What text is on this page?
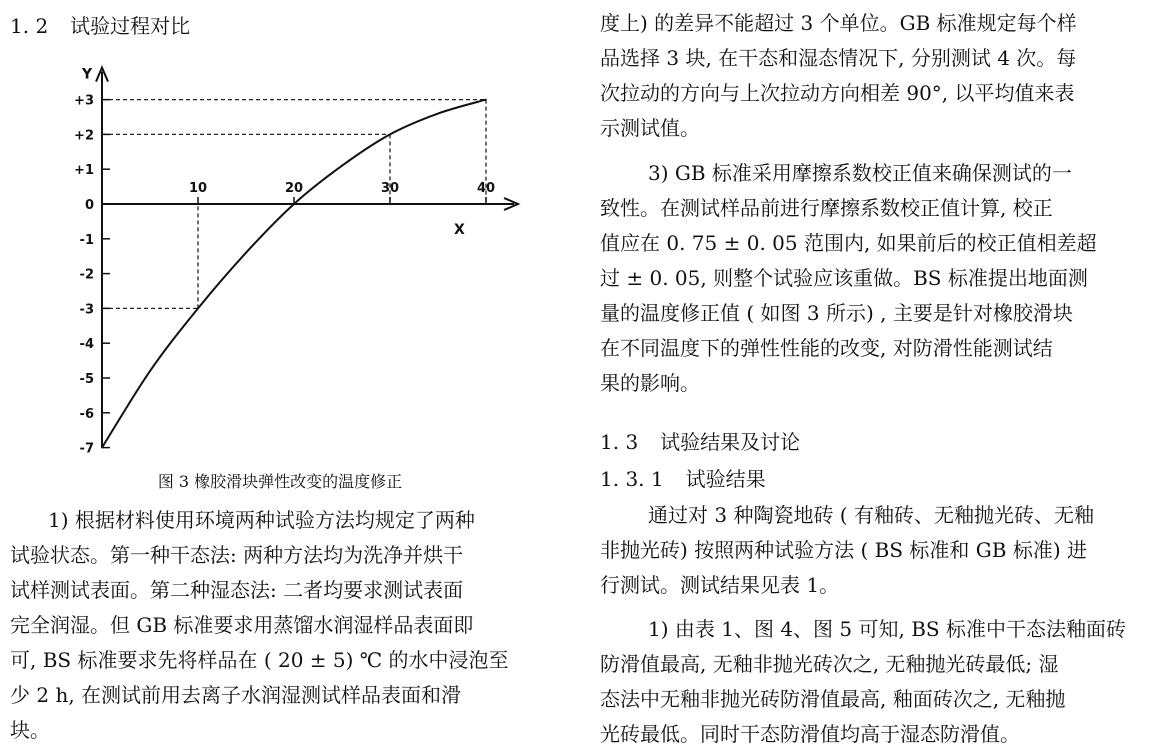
1. 2 试验过程对比
Y
X
+3
+2
+1
0
-1
-2
-3
-4
-5
-6
-7
10	20	30	40
图 3 橡胶滑块弹性改变的温度修正
1) 根据材料使用环境两种试验方法均规定了两种
试验状态。第一种干态法: 两种方法均为洗净并烘干
试样测试表面。第二种湿态法: 二者均要求测试表面
完全润湿。但 GB 标准要求用蒸馏水润湿样品表面即
可, BS 标准要求先将样品在 ( 20 ± 5) ℃ 的水中浸泡至
少 2 h, 在测试前用去离子水润湿测试样品表面和滑
块。
度上) 的差异不能超过 3 个单位。GB 标准规定每个样
品选择 3 块, 在干态和湿态情况下, 分别测试 4 次。每
次拉动的方向与上次拉动方向相差 90°, 以平均值来表
示测试值。
3) GB 标准采用摩擦系数校正值来确保测试的一
致性。在测试样品前进行摩擦系数校正值计算, 校正
值应在 0. 75 ± 0. 05 范围内, 如果前后的校正值相差超
过 ± 0. 05, 则整个试验应该重做。BS 标准提出地面测
量的温度修正值 ( 如图 3 所示) , 主要是针对橡胶滑块
在不同温度下的弹性性能的改变, 对防滑性能测试结
果的影响。
1. 3 试验结果及讨论
1. 3. 1 试验结果
通过对 3 种陶瓷地砖 ( 有釉砖、无釉抛光砖、无釉
非抛光砖) 按照两种试验方法 ( BS 标准和 GB 标准) 进
行测试。测试结果见表 1。
1) 由表 1、图 4、图 5 可知, BS 标准中干态法釉面砖
防滑值最高, 无釉非抛光砖次之, 无釉抛光砖最低; 湿
态法中无釉非抛光砖防滑值最高, 釉面砖次之, 无釉抛
光砖最低。同时干态防滑值均高于湿态防滑值。
